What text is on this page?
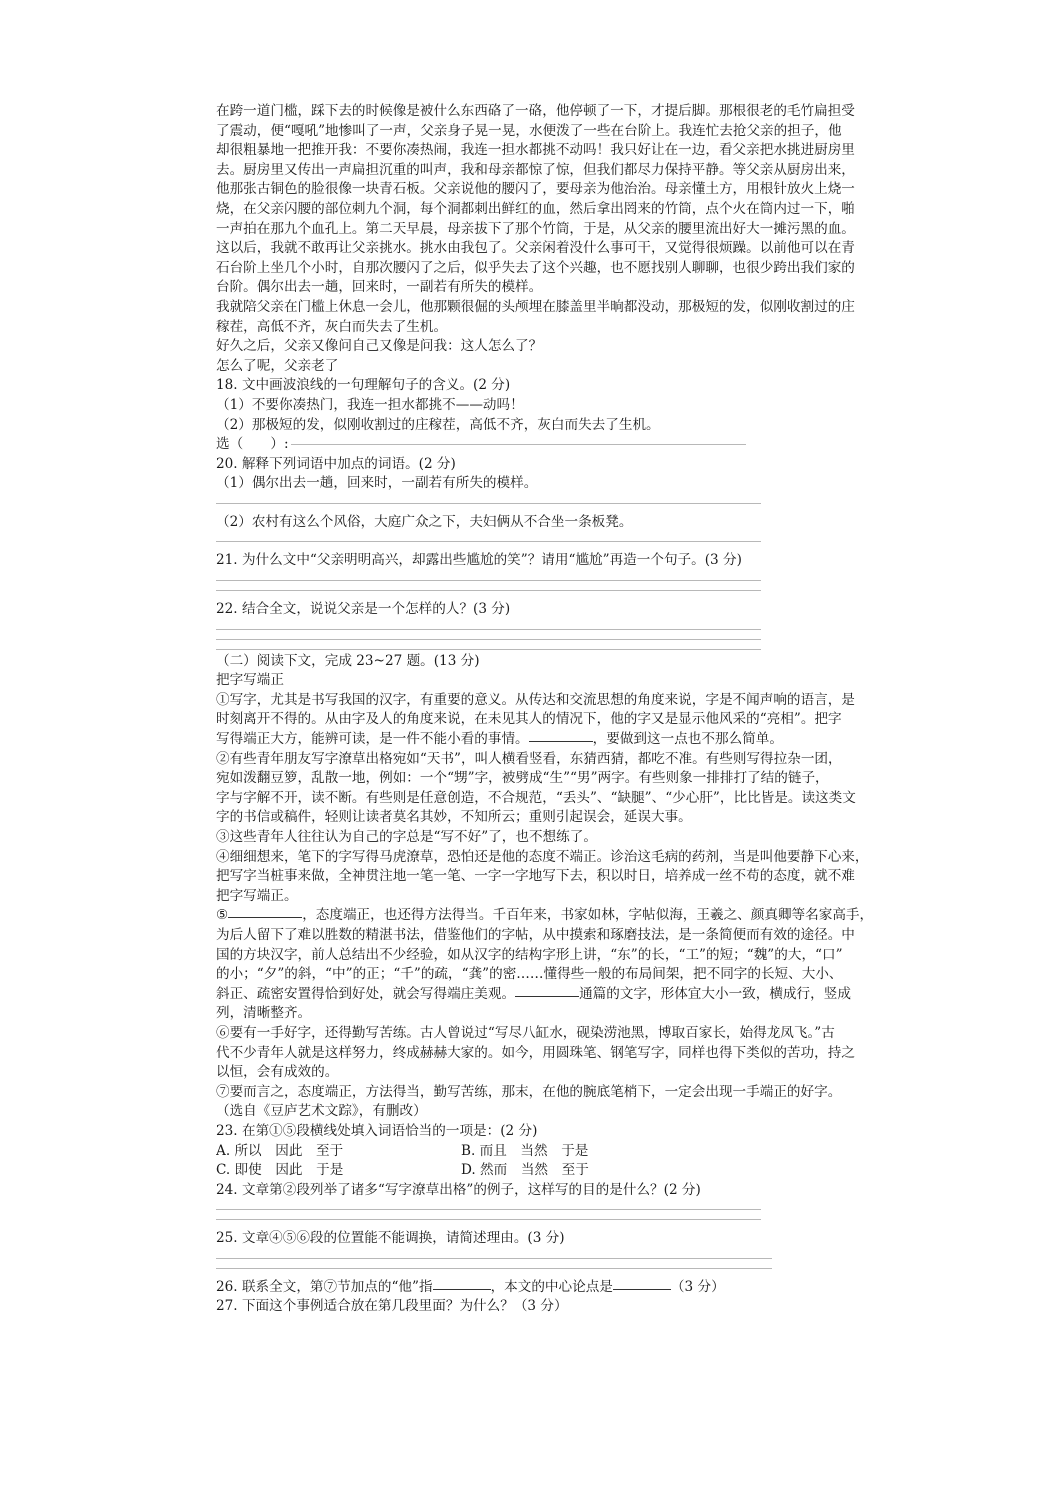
在跨一道门槛，踩下去的时候像是被什么东西硌了一硌，他停顿了一下，才提后脚。那根很老的毛竹扁担受
了震动，便“嘎吼”地惨叫了一声，父亲身子晃一晃，水便泼了一些在台阶上。我连忙去抢父亲的担子，他
却很粗暴地一把推开我：不要你凑热闹，我连一担水都挑不动吗！我只好让在一边，看父亲把水挑进厨房里
去。厨房里又传出一声扁担沉重的叫声，我和母亲都惊了惊，但我们都尽力保持平静。等父亲从厨房出来，
他那张古铜色的脸很像一块青石板。父亲说他的腰闪了，要母亲为他治治。母亲懂土方，用根针放火上烧一
烧，在父亲闪腰的部位刺九个洞，每个洞都刺出鲜红的血，然后拿出罔来的竹筒，点个火在筒内过一下，啪
一声拍在那九个血孔上。第二天早晨，母亲拔下了那个竹筒，于是，从父亲的腰里流出好大一摊污黑的血。
这以后，我就不敢再让父亲挑水。挑水由我包了。父亲闲着没什么事可干，又觉得很烦躁。以前他可以在青
石台阶上坐几个小时，自那次腰闪了之后，似乎失去了这个兴趣，也不愿找别人聊聊，也很少跨出我们家的
台阶。偶尔出去一趟，回来时，一副若有所失的模样。
我就陪父亲在门槛上休息一会儿，他那颗很倔的头颅埋在膝盖里半晌都没动，那极短的发，似刚收割过的庄
稼茬，高低不齐，灰白而失去了生机。
好久之后，父亲又像问自己又像是问我：这人怎么了？
怎么了呢，父亲老了
18. 文中画波浪线的一句理解句子的含义。(2 分)
（1）不要你凑热门，我连一担水都挑不——动吗！
（2）那极短的发，似刚收割过的庄稼茬，高低不齐，灰白而失去了生机。
选（　　）:
20. 解释下列词语中加点的词语。(2 分)
（1）偶尔出去一趟，回来时，一副若有所失的模样。
（2）农村有这么个风俗，大庭广众之下，夫妇俩从不合坐一条板凳。
21. 为什么文中“父亲明明高兴，却露出些尴尬的笑”？请用“尴尬”再造一个句子。(3 分)
22. 结合全文，说说父亲是一个怎样的人？(3 分)
（二）阅读下文，完成 23~27 题。(13 分)
把字写端正
①写字，尤其是书写我国的汉字，有重要的意义。从传达和交流思想的角度来说，字是不闻声响的语言，是
时刻离开不得的。从由字及人的角度来说，在未见其人的情况下，他的字又是显示他风采的“亮相”。把字
写得端正大方，能辨可读，是一件不能小看的事情。	，要做到这一点也不那么简单。
②有些青年朋友写字潦草出格宛如“天书”，叫人横看竖看，东猜西猜，都吃不准。有些则写得拉杂一团，
宛如泼翻豆箩，乱散一地，例如：一个“甥”字，被劈成“生”“男”两字。有些则象一排排打了结的链子，
字与字解不开，读不断。有些则是任意创造，不合规范，“丢头”、“缺腿”、“少心肝”，比比皆是。读这类文
字的书信或稿件，轻则让读者莫名其妙，不知所云；重则引起误会，延误大事。
③这些青年人往往认为自己的字总是“写不好”了，也不想练了。
④细细想来，笔下的字写得马虎潦草，恐怕还是他的态度不端正。诊治这毛病的药剂，当是叫他要静下心来，
把写字当桩事来做，全神贯注地一笔一笔、一字一字地写下去，积以时日，培养成一丝不苟的态度，就不难
把字写端正。
⑤	，态度端正，也还得方法得当。千百年来，书家如林，字帖似海，王羲之、颜真卿等名家高手，
为后人留下了难以胜数的精湛书法，借鉴他们的字帖，从中摸索和琢磨技法，是一条简便而有效的途径。中
国的方块汉字，前人总结出不少经验，如从汉字的结构字形上讲，“东”的长，“工”的短；“魏”的大，“口”
的小；“夕”的斜，“中”的正；“千”的疏，“龚”的密……懂得些一般的布局间架，把不同字的长短、大小、
斜正、疏密安置得恰到好处，就会写得端庄美观。	通篇的文字，形体宜大小一致，横成行，竖成
列，清晰整齐。
⑥要有一手好字，还得勤写苦练。古人曾说过“写尽八缸水，砚染涝池黑，博取百家长，始得龙凤飞。”古
代不少青年人就是这样努力，终成赫赫大家的。如今，用圆珠笔、钢笔写字，同样也得下类似的苦功，持之
以恒，会有成效的。
⑦要而言之，态度端正，方法得当，勤写苦练，那末，在他的腕底笔梢下，一定会出现一手端正的好字。
（选自《豆庐艺术文踪》，有删改）
23. 在第①⑤段横线处填入词语恰当的一项是：(2 分)
A. 所以　因此　至于	B. 而且　当然　于是
C. 即使　因此　于是	D. 然而　当然　至于
24. 文章第②段列举了诸多“写字潦草出格”的例子，这样写的目的是什么？(2 分)
25. 文章④⑤⑥段的位置能不能调换，请简述理由。(3 分)
26. 联系全文，第⑦节加点的“他”指	，本文的中心论点是	（3 分）
27. 下面这个事例适合放在第几段里面？为什么？（3 分）
